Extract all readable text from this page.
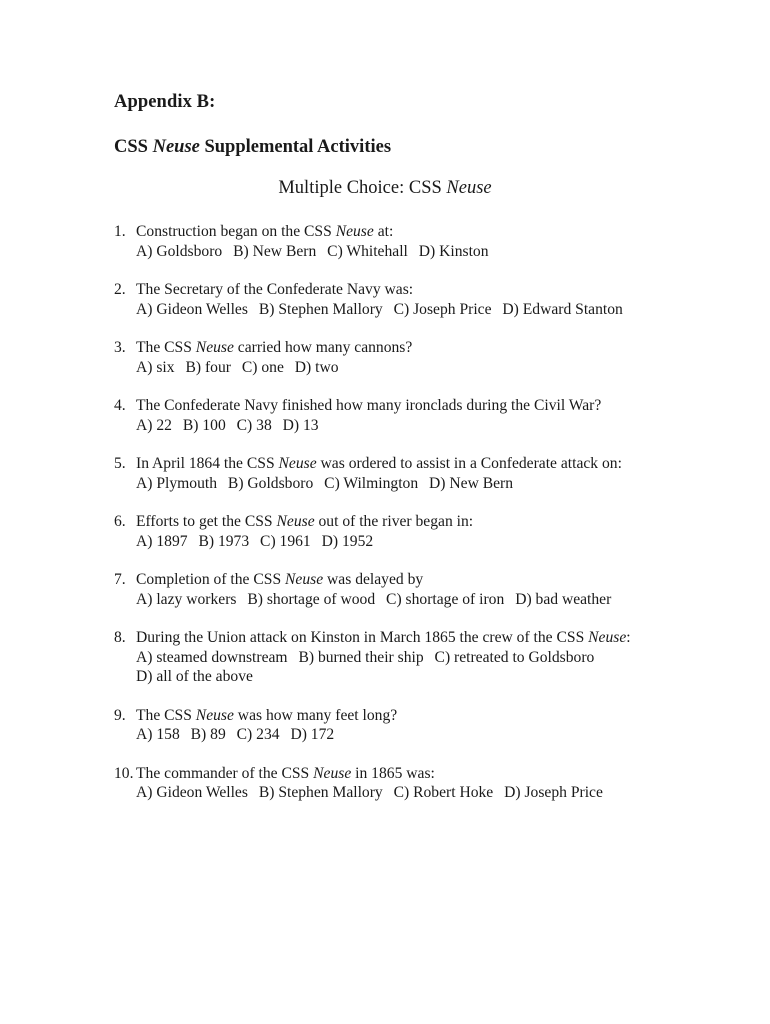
Appendix B:
CSS Neuse Supplemental Activities
Multiple Choice: CSS Neuse
1. Construction began on the CSS Neuse at:
A) Goldsboro B) New Bern C) Whitehall D) Kinston
2. The Secretary of the Confederate Navy was:
A) Gideon Welles B) Stephen Mallory C) Joseph Price D) Edward Stanton
3. The CSS Neuse carried how many cannons?
A) six B) four C) one D) two
4. The Confederate Navy finished how many ironclads during the Civil War?
A) 22 B) 100 C) 38 D) 13
5. In April 1864 the CSS Neuse was ordered to assist in a Confederate attack on:
A) Plymouth B) Goldsboro C) Wilmington D) New Bern
6. Efforts to get the CSS Neuse out of the river began in:
A) 1897 B) 1973 C) 1961 D) 1952
7. Completion of the CSS Neuse was delayed by
A) lazy workers B) shortage of wood C) shortage of iron D) bad weather
8. During the Union attack on Kinston in March 1865 the crew of the CSS Neuse:
A) steamed downstream B) burned their ship C) retreated to Goldsboro
D) all of the above
9. The CSS Neuse was how many feet long?
A) 158 B) 89 C) 234 D) 172
10. The commander of the CSS Neuse in 1865 was:
A) Gideon Welles B) Stephen Mallory C) Robert Hoke D) Joseph Price
